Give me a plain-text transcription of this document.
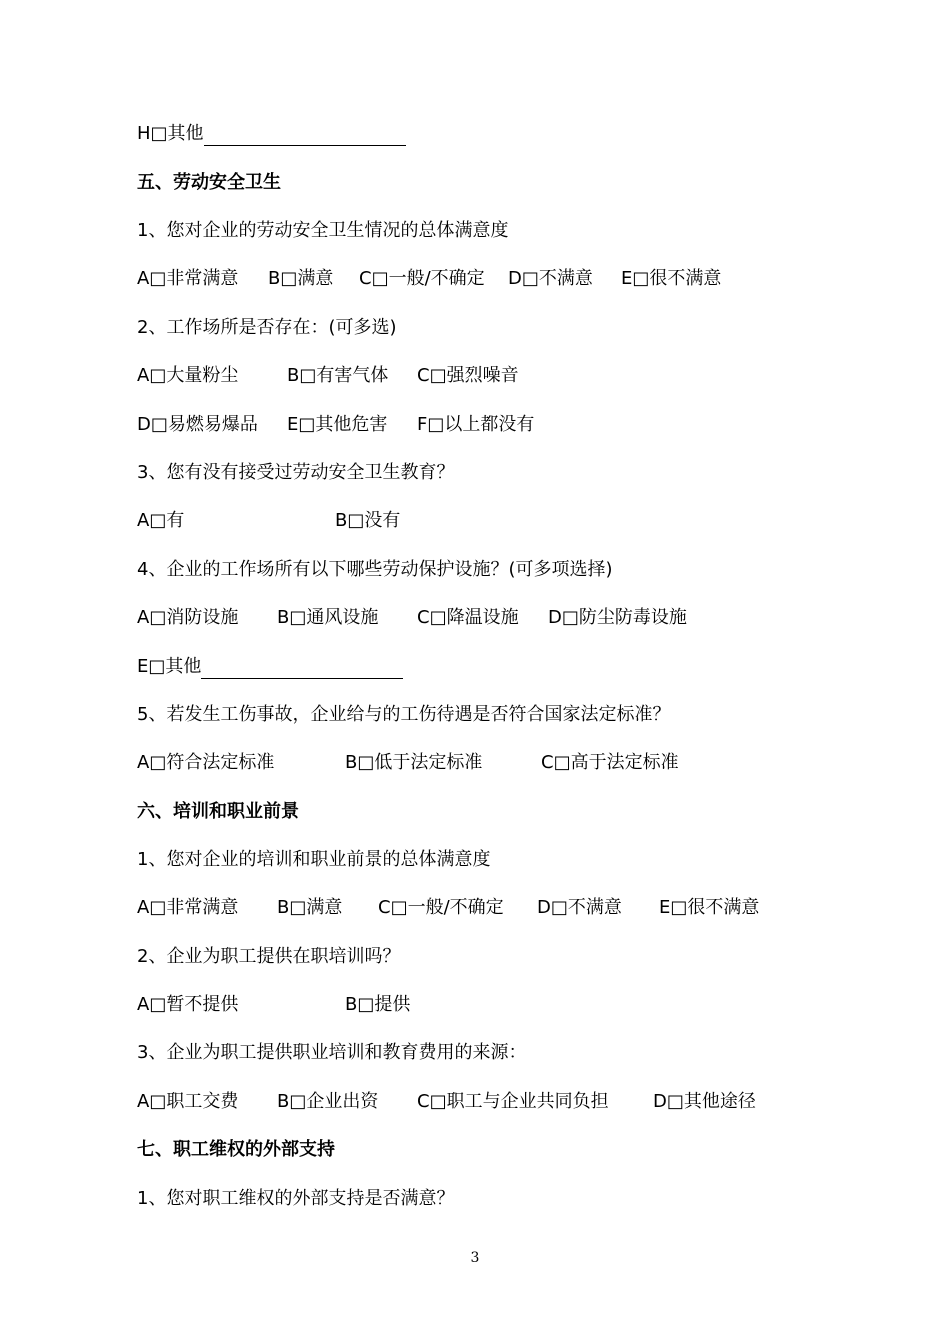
H□其他
五、劳动安全卫生
1、您对企业的劳动安全卫生情况的总体满意度
A□非常满意 B□满意 C□一般/不确定 D□不满意 E□很不满意
2、工作场所是否存在：(可多选)
A□大量粉尘	B□有害气体 C□强烈噪音
D□易燃易爆品 E□其他危害 F□以上都没有
3、您有没有接受过劳动安全卫生教育？
A□有	B□没有
4、企业的工作场所有以下哪些劳动保护设施？(可多项选择)
A□消防设施 B□通风设施 C□降温设施 D□防尘防毒设施
E□其他
5、若发生工伤事故，企业给与的工伤待遇是否符合国家法定标准？
A□符合法定标准	B□低于法定标准	C□高于法定标准
六、培训和职业前景
1、您对企业的培训和职业前景的总体满意度
A□非常满意 B□满意 C□一般/不确定 D□不满意 E□很不满意
2、企业为职工提供在职培训吗？
A□暂不提供	B□提供
3、企业为职工提供职业培训和教育费用的来源：
A□职工交费 B□企业出资 C□职工与企业共同负担 D□其他途径
七、职工维权的外部支持
1、您对职工维权的外部支持是否满意？
3
